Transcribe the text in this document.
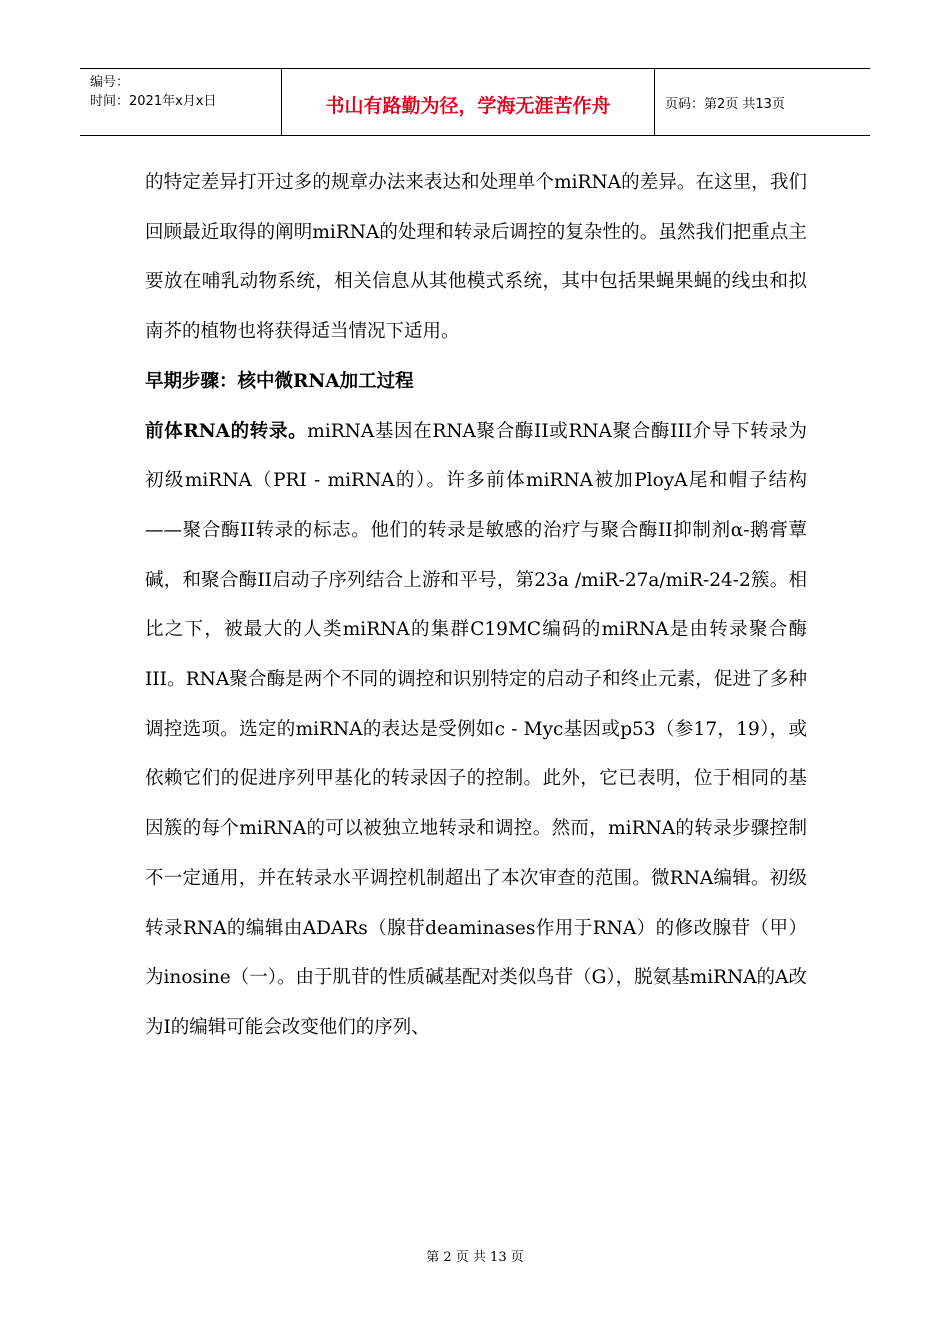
编号：
时间：2021年x月x日	书山有路勤为径，学海无涯苦作舟	页码：第2页 共13页

的特定差异打开过多的规章办法来表达和处理单个miRNA的差异。在这里，我们回顾最近取得的阐明miRNA的处理和转录后调控的复杂性的。虽然我们把重点主要放在哺乳动物系统，相关信息从其他模式系统，其中包括果蝇果蝇的线虫和拟南芥的植物也将获得适当情况下适用。

早期步骤：核中微RNA加工过程

前体RNA的转录。miRNA基因在RNA聚合酶II或RNA聚合酶III介导下转录为初级miRNA（PRI - miRNA的）。许多前体miRNA被加PloyA尾和帽子结构——聚合酶II转录的标志。他们的转录是敏感的治疗与聚合酶II抑制剂α-鹅膏蕈碱，和聚合酶II启动子序列结合上游和平号，第23a /miR-27a/miR-24-2簇。相比之下，被最大的人类miRNA的集群C19MC编码的miRNA是由转录聚合酶III。RNA聚合酶是两个不同的调控和识别特定的启动子和终止元素，促进了多种调控选项。选定的miRNA的表达是受例如c - Myc基因或p53（参17，19），或依赖它们的促进序列甲基化的转录因子的控制。此外，它已表明，位于相同的基因簇的每个miRNA的可以被独立地转录和调控。然而，miRNA的转录步骤控制不一定通用，并在转录水平调控机制超出了本次审查的范围。微RNA编辑。初级转录RNA的编辑由ADARs（腺苷deaminases作用于RNA）的修改腺苷（甲）为inosine（一）。由于肌苷的性质碱基配对类似鸟苷（G），脱氨基miRNA的A改为I的编辑可能会改变他们的序列、

第 2 页 共 13 页
